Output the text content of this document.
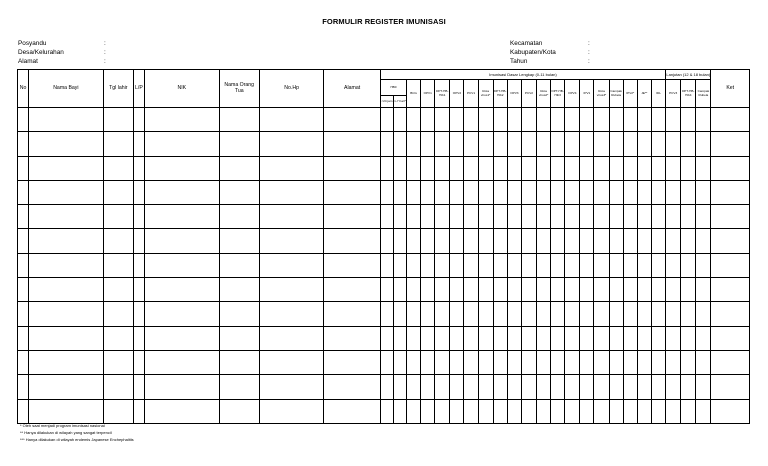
FORMULIR REGISTER IMUNISASI
Posyandu
Desa/Kelurahan
Alamat
:
:
:
Kecamatan
Kabupaten/Kota
Tahun
:
:
:
No	Nama Bayi	Tgl lahir	L/P	NIK	Nama Orang Tua	No.Hp	Alamat	Imunisasi Dasar Lengkap (0-11 bulan)																				Lanjutan (12 & 18 bulan)			Ket
								HB0		BCG	OPV1	DPT-HB-Hib1	OPV2	PCV1	Rota virus1*	DPT-HB-Hib2	OPV3	PCV2	Rota virus2*	DPT-HB-Hib3	OPV4	IPV1	Rota virus3*	Campak Rubela	IPV2*	JE**	IDL	PCV3	DPT-HB-Hib4	Campak Rubela	
								<24 jam	1-7 hari*																						

* Oleh saat menjadi program imunisasi nasional
** Hanya dilakukan di wilayah yang sangat terpencil
*** Hanya dilakukan di wilayah endemis Japanese Enchephalitis
